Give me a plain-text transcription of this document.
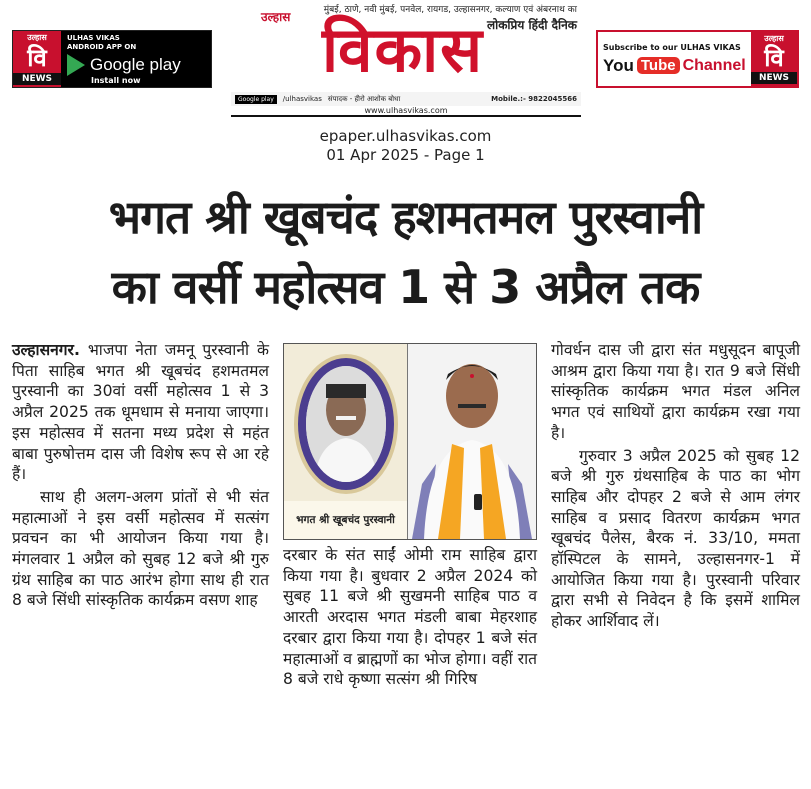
उल्हास
वि
NEWS
ULHAS VIKAS
ANDROID APP ON
Google play
Install now
मुंबई, ठाणे, नवी मुंबई, पनवेल, रायगड, उल्हासनगर, कल्याण एवं अंबरनाथ का
लोकप्रिय हिंदी दैनिक
उल्हास विकास
Google play	/ulhasvikas संपादक - हीरो आशोक बोधा	Mobile.:- 9822045566
www.ulhasvikas.com
Subscribe to our ULHAS VIKAS
You Tube Channel
उल्हास
वि
NEWS
epaper.ulhasvikas.com
01 Apr 2025 - Page 1
भगत श्री खूबचंद हशमतमल पुरस्वानी
का वर्सी महोत्सव 1 से 3 अप्रैल तक

उल्हासनगर. भाजपा नेता जमनू पुरस्वानी के पिता साहिब भगत श्री खूबचंद हशमतमल पुरस्वानी का 30वां वर्सी महोत्सव 1 से 3 अप्रैल 2025 तक धूमधाम से मनाया जाएगा। इस महोत्सव में सतना मध्य प्रदेश से महंत बाबा पुरुषोत्तम दास जी विशेष रूप से आ रहे हैं।

साथ ही अलग-अलग प्रांतों से भी संत महात्माओं ने इस वर्सी महोत्सव में सत्संग प्रवचन का भी आयोजन किया गया है। मंगलवार 1 अप्रैल को सुबह 12 बजे श्री गुरु ग्रंथ साहिब का पाठ आरंभ होगा साथ ही रात 8 बजे सिंधी सांस्कृतिक कार्यक्रम वसण शाह

भगत श्री खूबचंद पुरस्वानी

दरबार के संत साईं ओमी राम साहिब द्वारा किया गया है। बुधवार 2 अप्रैल 2024 को सुबह 11 बजे श्री सुखमनी साहिब पाठ व आरती अरदास भगत मंडली बाबा मेहरशाह दरबार द्वारा किया गया है। दोपहर 1 बजे संत महात्माओं व ब्राह्मणों का भोज होगा। वहीं रात 8 बजे राधे कृष्णा सत्संग श्री गिरिष

गोवर्धन दास जी द्वारा संत मधुसूदन बापूजी आश्रम द्वारा किया गया है। रात 9 बजे सिंधी सांस्कृतिक कार्यक्रम भगत मंडल अनिल भगत एवं साथियों द्वारा कार्यक्रम रखा गया है।

गुरुवार 3 अप्रैल 2025 को सुबह 12 बजे श्री गुरु ग्रंथसाहिब के पाठ का भोग साहिब और दोपहर 2 बजे से आम लंगर साहिब व प्रसाद वितरण कार्यक्रम भगत खूबचंद पैलेस, बैरक नं. 33/10, ममता हॉस्पिटल के सामने, उल्हासनगर-1 में आयोजित किया गया है। पुरस्वानी परिवार द्वारा सभी से निवेदन है कि इसमें शामिल होकर आर्शिवाद लें।
